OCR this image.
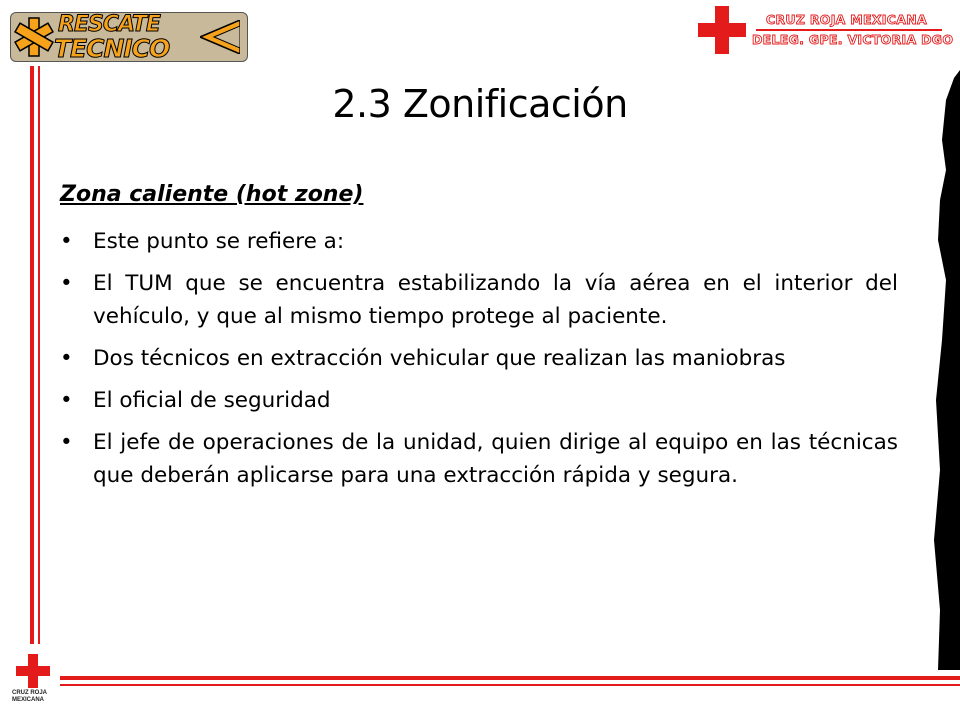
RESCATE
TECNICO
CRUZ ROJA MEXICANA
DELEG. GPE. VICTORIA DGO
CRUZ ROJA
MEXICANA
2.3 Zonificación
Zona caliente (hot zone)
• Este punto se refiere a:
• El TUM que se encuentra estabilizando la vía aérea en el interior del vehículo, y que al mismo tiempo protege al paciente.
• Dos técnicos en extracción vehicular que realizan las maniobras
• El oficial de seguridad
• El jefe de operaciones de la unidad, quien dirige al equipo en las técnicas que deberán aplicarse para una extracción rápida y segura.
